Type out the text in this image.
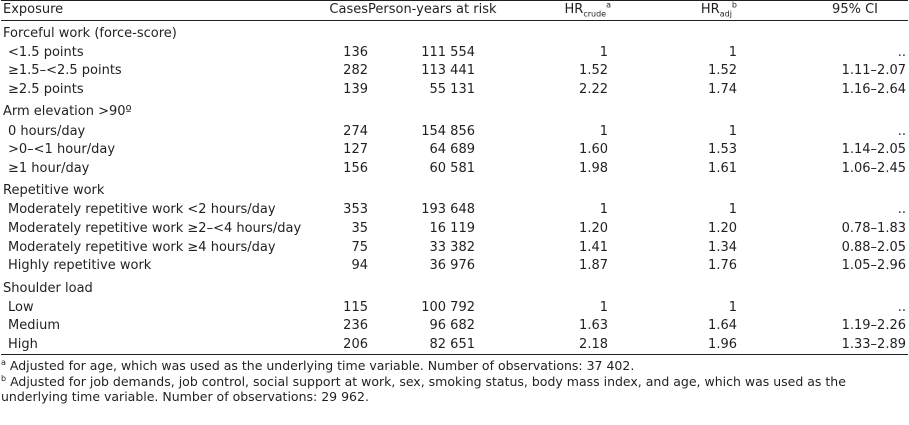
Exposure	Cases	Person-years at risk	$HR_{crude}^a$	$HR_{adj}^b$	95% CI
Forceful work (force-score)					
<1.5 points	136	111 554	1	1	..
≥1.5–<2.5 points	282	113 441	1.52	1.52	1.11–2.07
≥2.5 points	139	55 131	2.22	1.74	1.16–2.64
Arm elevation >90º					
0 hours/day	274	154 856	1	1	..
>0–<1 hour/day	127	64 689	1.60	1.53	1.14–2.05
≥1 hour/day	156	60 581	1.98	1.61	1.06–2.45
Repetitive work					
Moderately repetitive work <2 hours/day	353	193 648	1	1	..
Moderately repetitive work ≥2–<4 hours/day	35	16 119	1.20	1.20	0.78–1.83
Moderately repetitive work ≥4 hours/day	75	33 382	1.41	1.34	0.88–2.05
Highly repetitive work	94	36 976	1.87	1.76	1.05–2.96
Shoulder load					
Low	115	100 792	1	1	..
Medium	236	96 682	1.63	1.64	1.19–2.26
High	206	82 651	2.18	1.96	1.33–2.89

$^a$ Adjusted for age, which was used as the underlying time variable. Number of observations: 37 402.

$^b$ Adjusted for job demands, job control, social support at work, sex, smoking status, body mass index, and age, which was used as the underlying time variable. Number of observations: 29 962.
